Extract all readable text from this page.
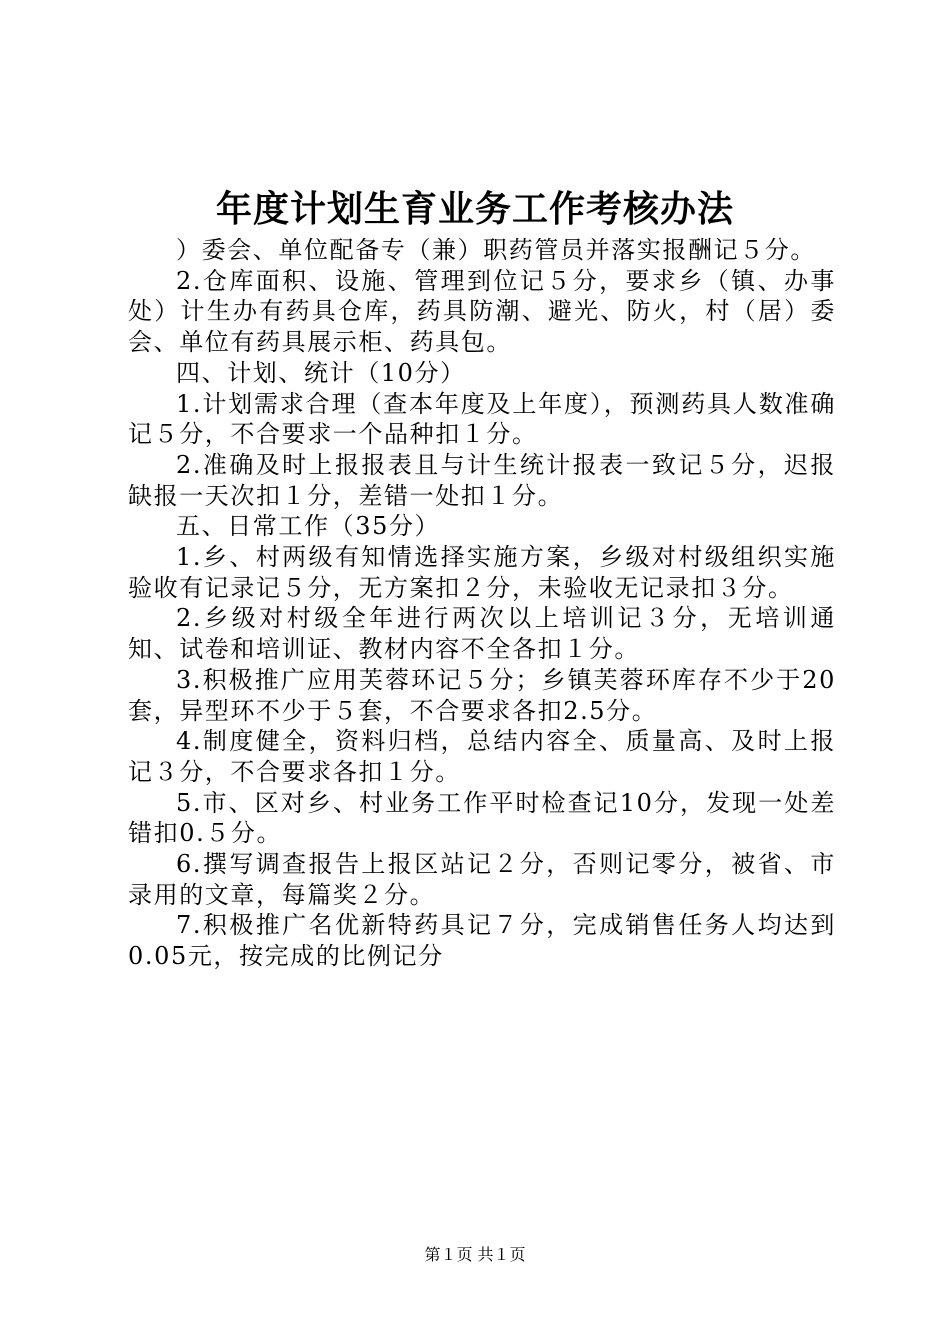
年度计划生育业务工作考核办法

）委会、单位配备专（兼）职药管员并落实报酬记５分。

2.仓库面积、设施、管理到位记５分，要求乡（镇、办事处）计生办有药具仓库，药具防潮、避光、防火，村（居）委会、单位有药具展示柜、药具包。

四、计划、统计（10分）

1.计划需求合理（查本年度及上年度），预测药具人数准确记５分，不合要求一个品种扣１分。

2.准确及时上报报表且与计生统计报表一致记５分，迟报缺报一天次扣１分，差错一处扣１分。

五、日常工作（35分）

1.乡、村两级有知情选择实施方案，乡级对村级组织实施验收有记录记５分，无方案扣２分，未验收无记录扣３分。

2.乡级对村级全年进行两次以上培训记３分，无培训通知、试卷和培训证、教材内容不全各扣１分。

3.积极推广应用芙蓉环记５分；乡镇芙蓉环库存不少于20套，异型环不少于５套，不合要求各扣2.5分。

4.制度健全，资料归档，总结内容全、质量高、及时上报记３分，不合要求各扣１分。

5.市、区对乡、村业务工作平时检查记10分，发现一处差错扣0.５分。

6.撰写调查报告上报区站记２分，否则记零分，被省、市录用的文章，每篇奖２分。

7.积极推广名优新特药具记７分，完成销售任务人均达到0.05元，按完成的比例记分

第１页 共１页
